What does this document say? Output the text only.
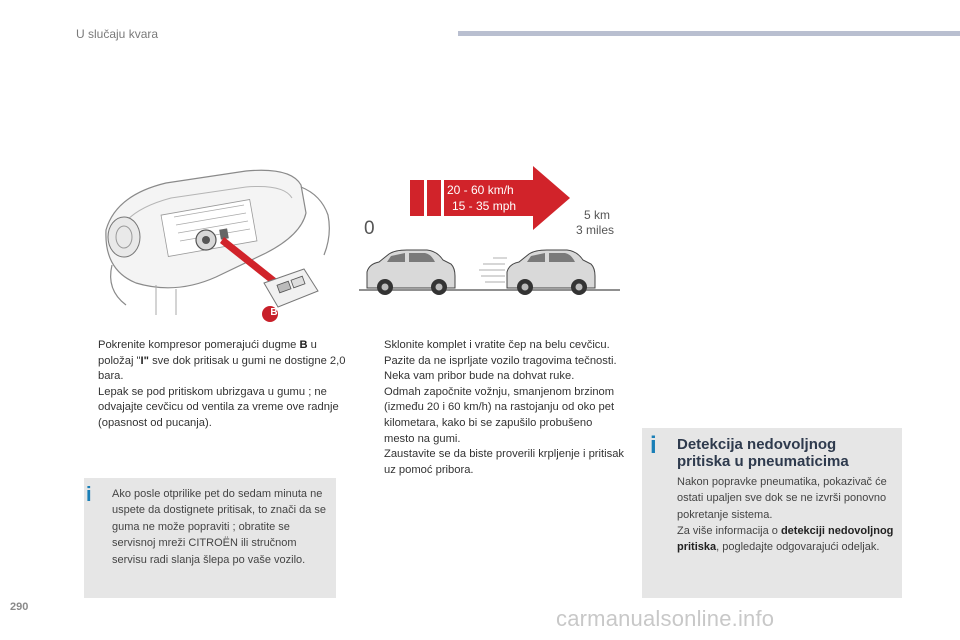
U slučaju kvara
B
20 - 60 km/h
15 - 35 mph
0
5 km
3 miles

Pokrenite kompresor pomerajući dugme B u položaj "I" sve dok pritisak u gumi ne dostigne 2,0 bara.

Lepak se pod pritiskom ubrizgava u gumu ; ne odvajajte cevčicu od ventila za vreme ove radnje (opasnost od pucanja).

i Ako posle otprilike pet do sedam minuta ne uspete da dostignete pritisak, to znači da se guma ne može popraviti ; obratite se servisnoj mreži CITROËN ili stručnom servisu radi slanja šlepa po vaše vozilo.

Sklonite komplet i vratite čep na belu cevčicu.

Pazite da ne isprljate vozilo tragovima tečnosti. Neka vam pribor bude na dohvat ruke.

Odmah započnite vožnju, smanjenom brzinom (između 20 i 60 km/h) na rastojanju od oko pet kilometara, kako bi se zapušilo probušeno mesto na gumi.

Zaustavite se da biste proverili krpljenje i pritisak uz pomoć pribora.

i Detekcija nedovoljnog pritiska u pneumaticima
Nakon popravke pneumatika, pokazivač će ostati upaljen sve dok se ne izvrši ponovno pokretanje sistema.
Za više informacija o detekciji nedovoljnog pritiska, pogledajte odgovarajući odeljak.
290	carmanualsonline.info
